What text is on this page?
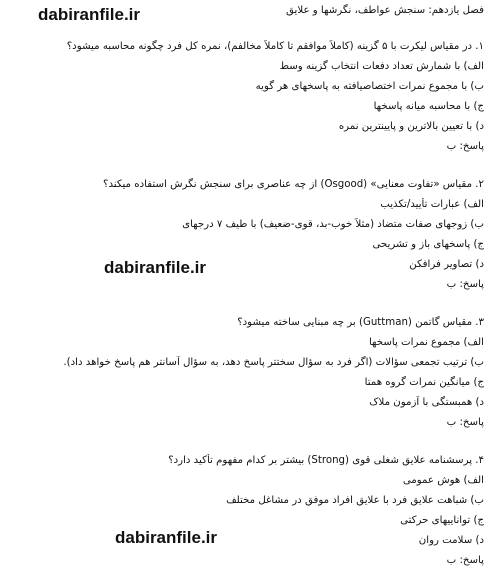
dabiranfile.ir
dabiranfile.ir
dabiranfile.ir
فصل یازدهم: سنجش عواطف، نگرشها و علایق
۱. در مقیاس لیکرت با ۵ گزینه (کاملاً موافقم تا کاملاً مخالفم)، نمره کل فرد چگونه محاسبه میشود؟
الف) با شمارش تعداد دفعات انتخاب گزینه وسط
ب) با مجموع نمرات اختصاصیافته به پاسخهای هر گویه
ج) با محاسبه میانه پاسخها
د) با تعیین بالاترین و پایینترین نمره
پاسخ: ب
۲. مقیاس «تفاوت معنایی» (Osgood) از چه عناصری برای سنجش نگرش استفاده میکند؟
الف) عبارات تأیید/تکذیب
ب) زوجهای صفات متضاد (مثلاً خوب-بد، قوی-ضعیف) با طیف ۷ درجهای
ج) پاسخهای باز و تشریحی
د) تصاویر فرافکن
پاسخ: ب
۳. مقیاس گاتمن (Guttman) بر چه مبنایی ساخته میشود؟
الف) مجموع نمرات پاسخها
ب) ترتیب تجمعی سؤالات (اگر فرد به سؤال سختتر پاسخ دهد، به سؤال آسانتر هم پاسخ خواهد داد).
ج) میانگین نمرات گروه همتا
د) همبستگی با آزمون ملاک
پاسخ: ب
۴. پرسشنامه علایق شغلی قوی (Strong) بیشتر بر کدام مفهوم تأکید دارد؟
الف) هوش عمومی
ب) شباهت علایق فرد با علایق افراد موفق در مشاغل مختلف
ج) تواناییهای حرکتی
د) سلامت روان
پاسخ: ب
